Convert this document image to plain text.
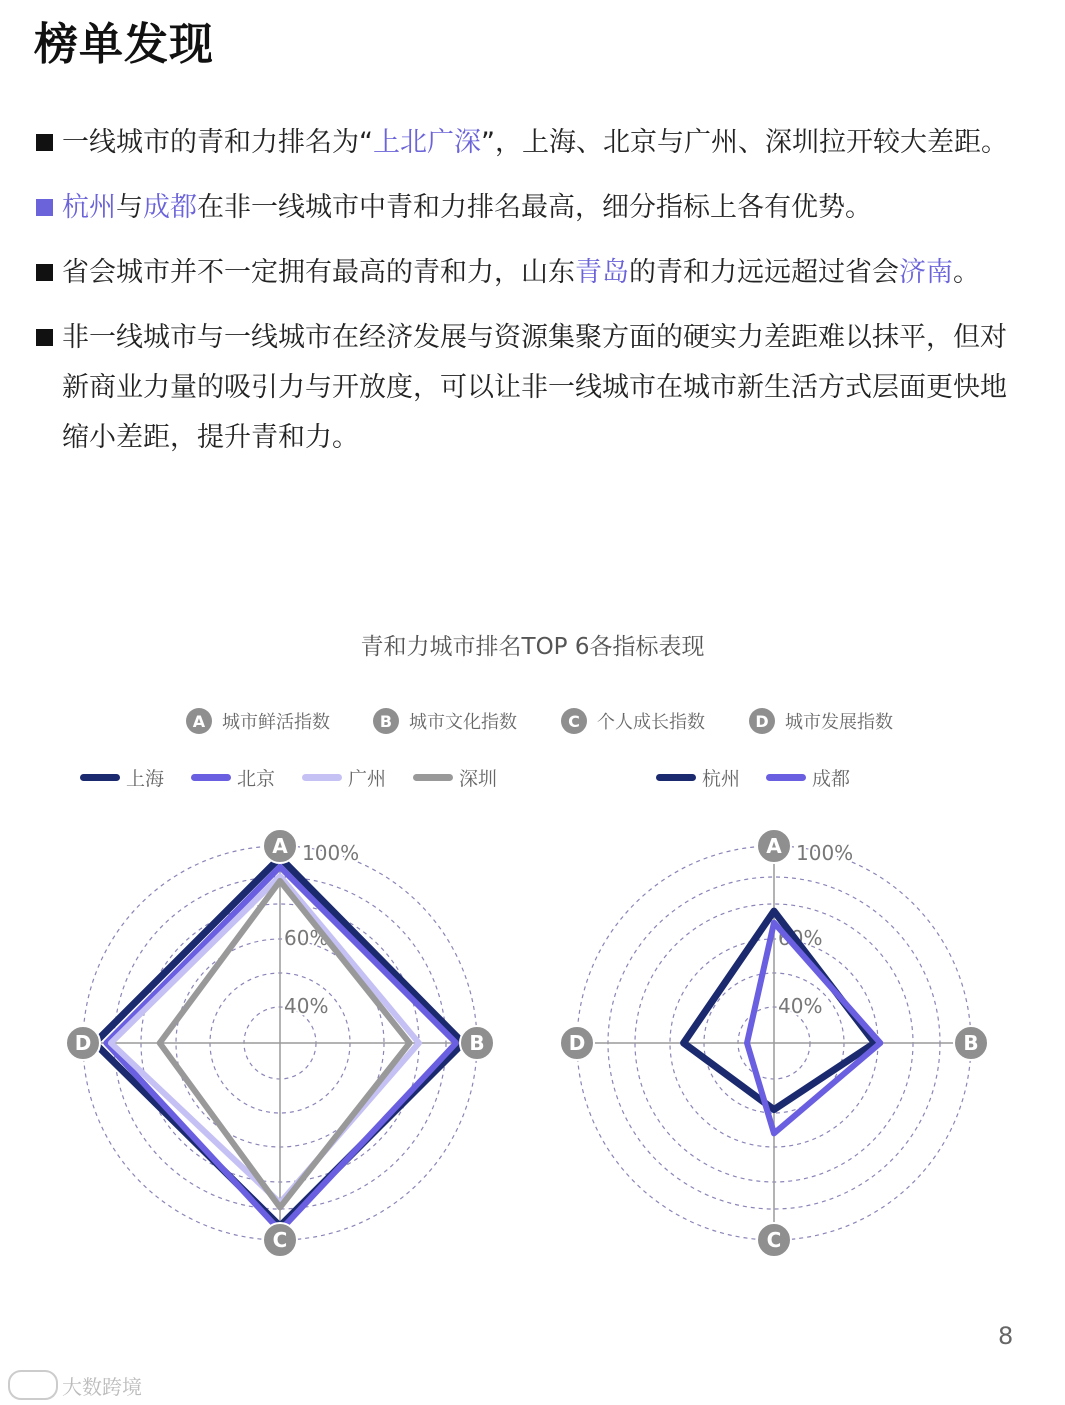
榜单发现
一线城市的青和力排名为“上北广深”，上海、北京与广州、深圳拉开较大差距。
杭州与成都在非一线城市中青和力排名最高，细分指标上各有优势。
省会城市并不一定拥有最高的青和力，山东青岛的青和力远远超过省会济南。
非一线城市与一线城市在经济发展与资源集聚方面的硬实力差距难以抹平，但对新商业力量的吸引力与开放度，可以让非一线城市在城市新生活方式层面更快地缩小差距，提升青和力。
青和力城市排名TOP 6各指标表现
A 城市鲜活指数	B 城市文化指数	C 个人成长指数	D 城市发展指数
上海	北京	广州	深圳	杭州	成都
40%
60%
A
B
C
D
100%
40%
60%
A
B
C
D
100%
8
大数跨境
